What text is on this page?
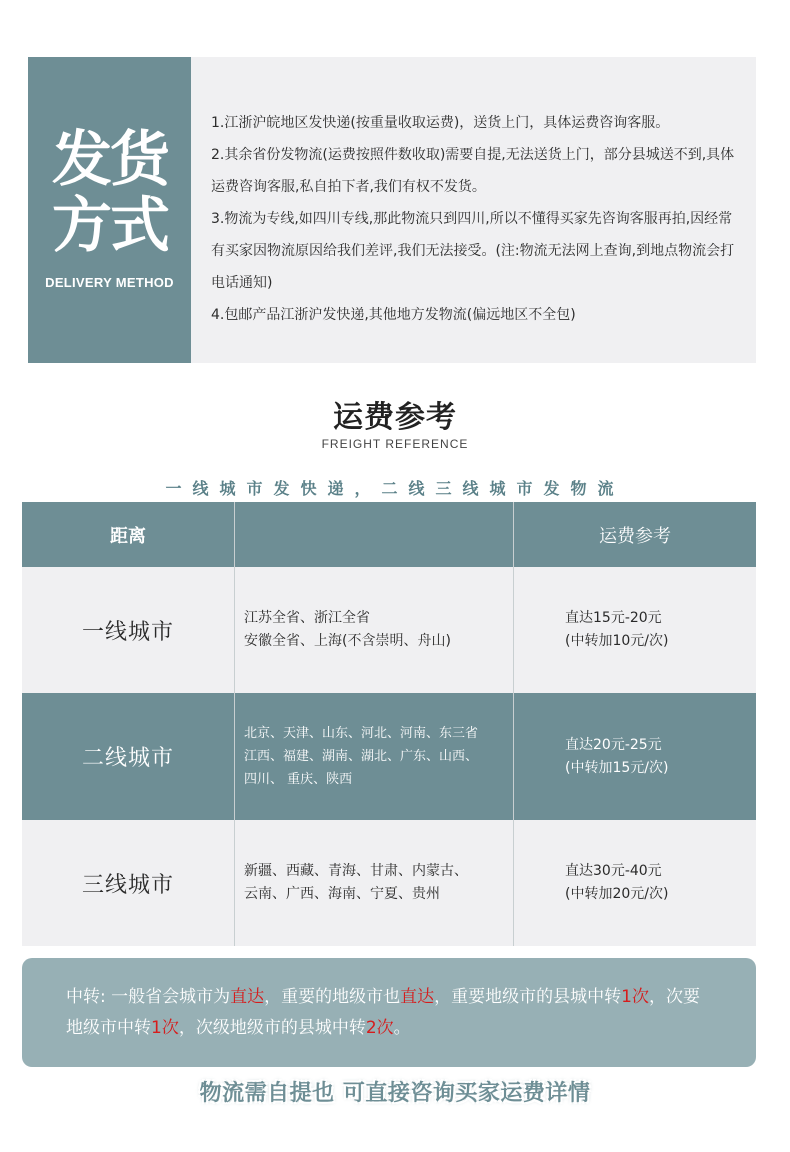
发货
方式
DELIVERY METHOD
1.江浙沪皖地区发快递(按重量收取运费)，送货上门，具体运费咨询客服。
2.其余省份发物流(运费按照件数收取)需要自提,无法送货上门，部分县城送不到,具体运费咨询客服,私自拍下者,我们有权不发货。
3.物流为专线,如四川专线,那此物流只到四川,所以不懂得买家先咨询客服再拍,因经常有买家因物流原因给我们差评,我们无法接受。(注:物流无法网上查询,到地点物流会打电话通知)
4.包邮产品江浙沪发快递,其他地方发物流(偏远地区不全包)
运费参考
FREIGHT REFERENCE
一线城市发快递，二线三线城市发物流
距离	运费参考
一线城市
江苏全省、浙江全省
安徽全省、上海(不含崇明、舟山)
直达15元-20元
(中转加10元/次)
二线城市
北京、天津、山东、河北、河南、东三省
江西、福建、湖南、湖北、广东、山西、
四川、 重庆、陕西
直达20元-25元
(中转加15元/次)
三线城市
新疆、西藏、青海、甘肃、内蒙古、
云南、广西、海南、宁夏、贵州
直达30元-40元
(中转加20元/次)
中转: 一般省会城市为直达，重要的地级市也直达，重要地级市的县城中转1次，次要地级市中转1次，次级地级市的县城中转2次。
物流需自提也 可直接咨询买家运费详情
